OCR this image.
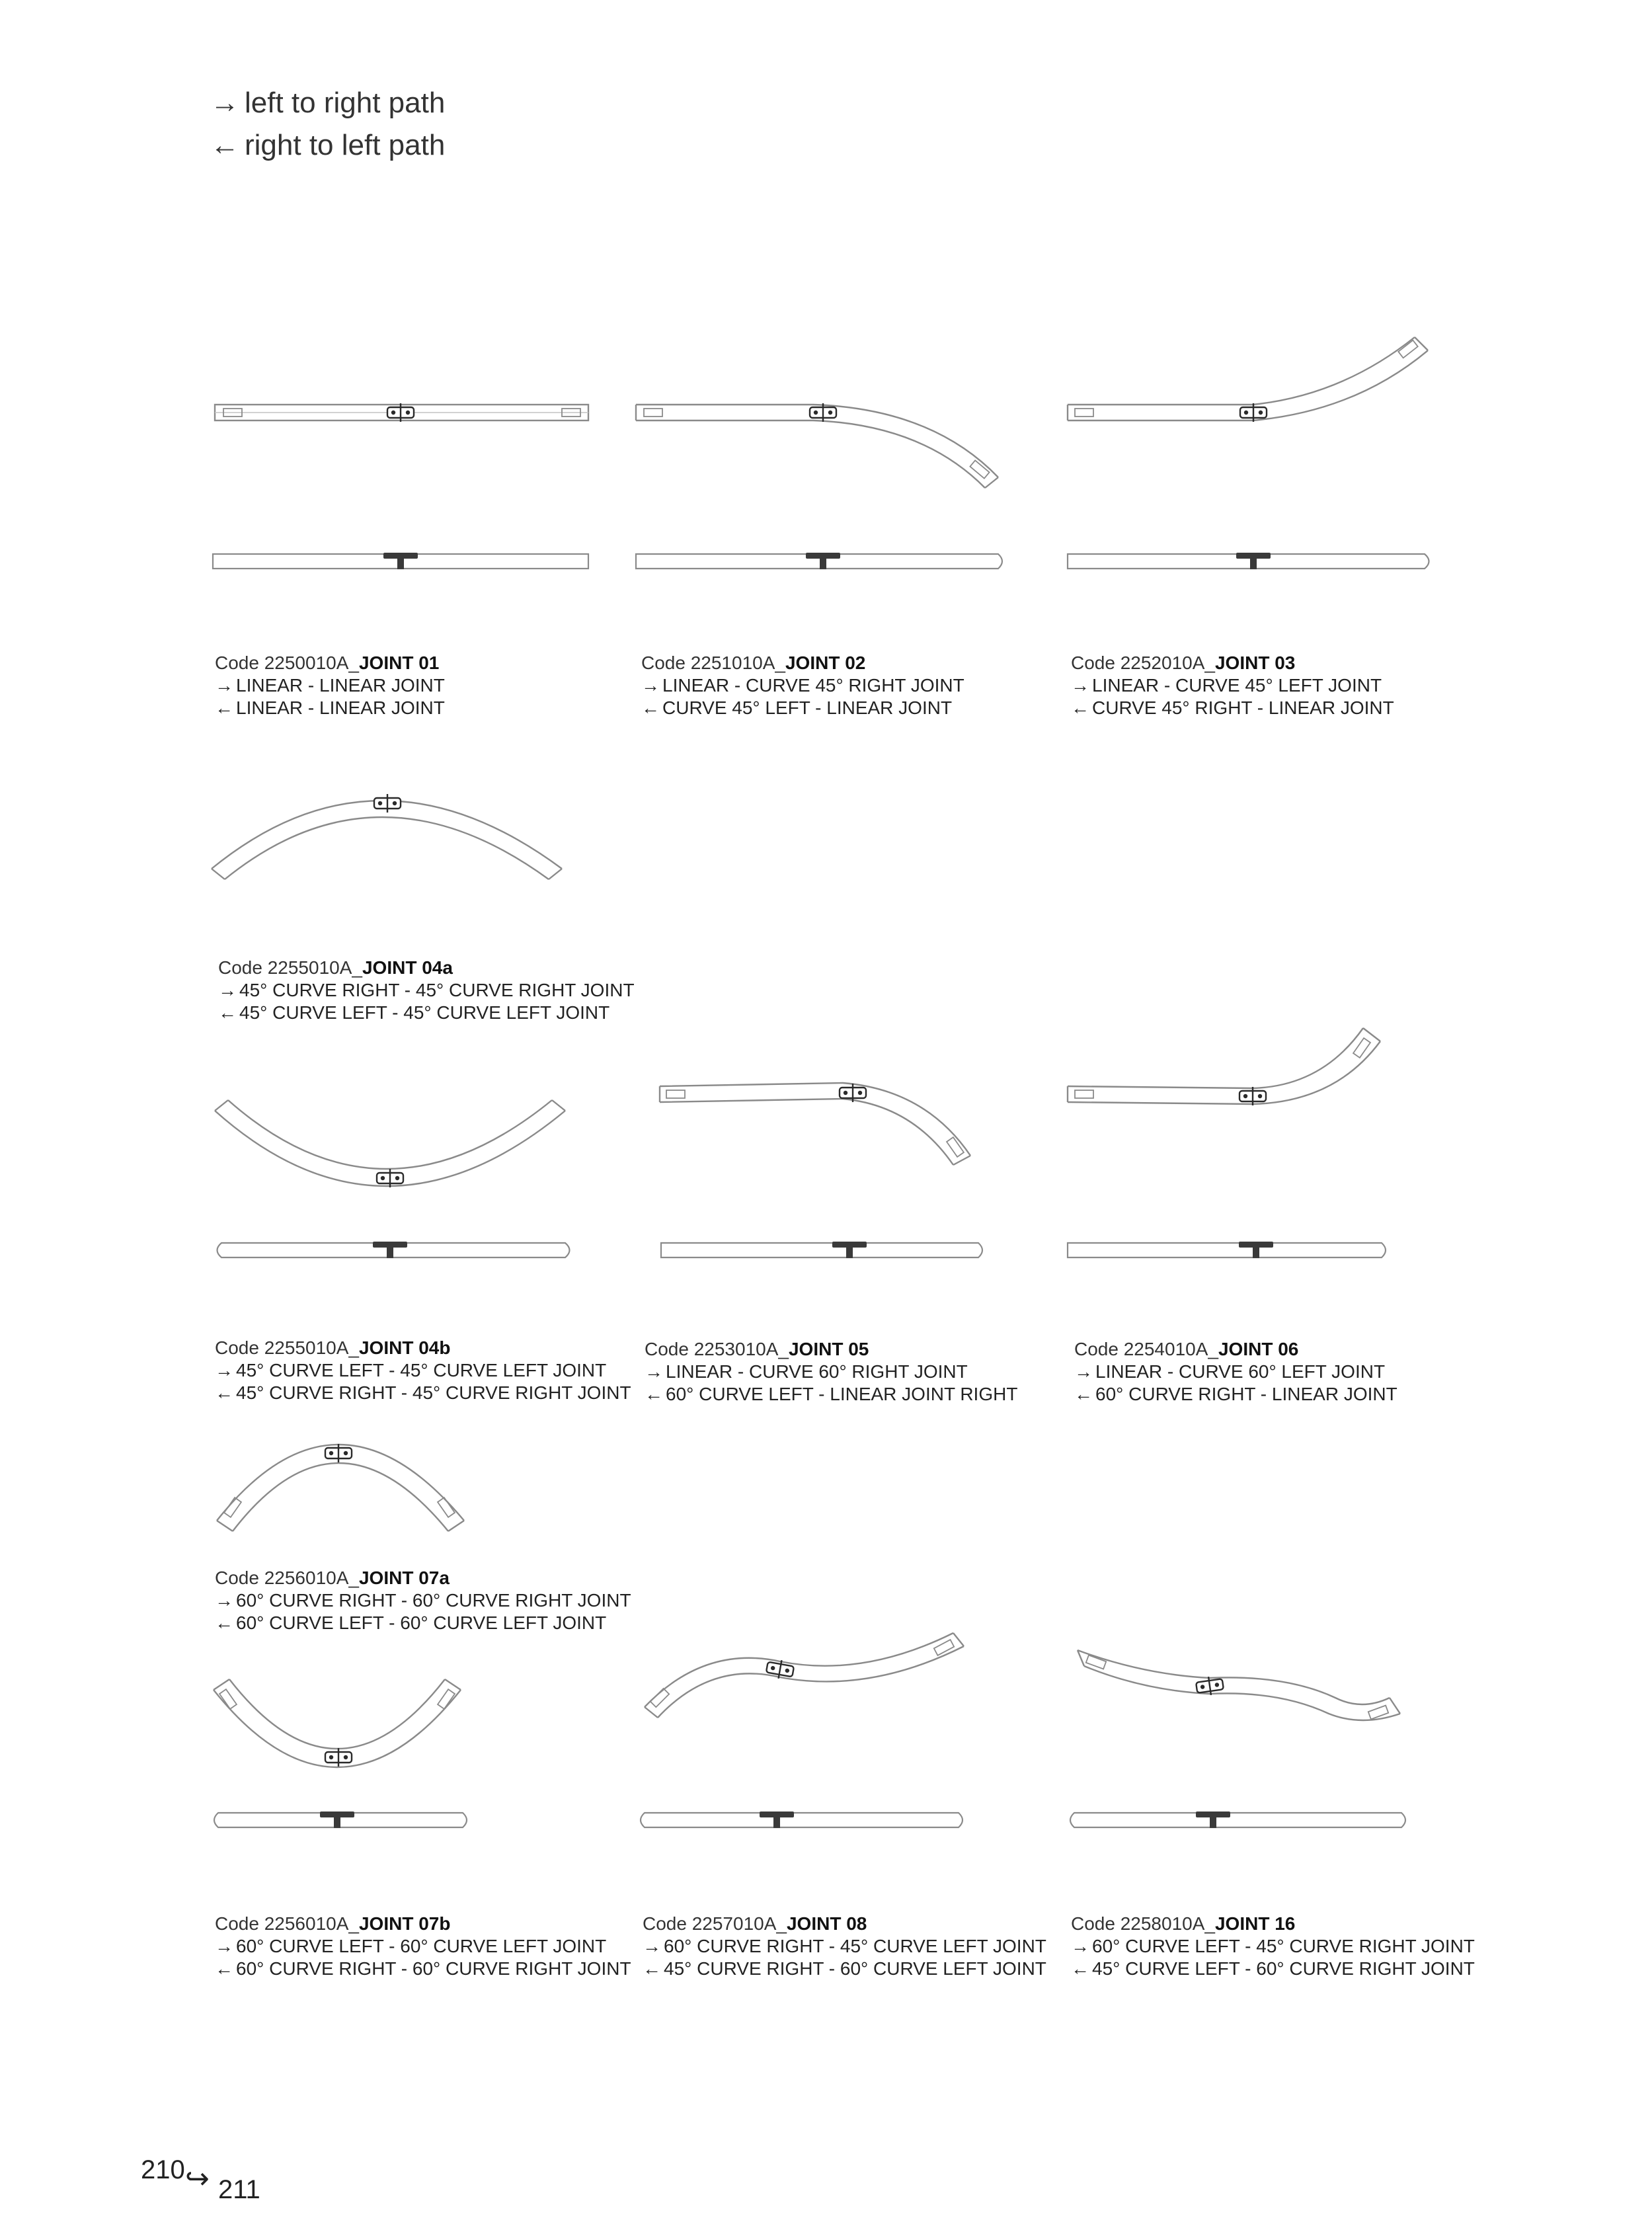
→ left to right path
← right to left path
Code 2250010A_JOINT 01
→ LINEAR - LINEAR JOINT
← LINEAR - LINEAR JOINT
Code 2251010A_JOINT 02
→ LINEAR - CURVE 45° RIGHT JOINT
← CURVE 45° LEFT - LINEAR JOINT
Code 2252010A_JOINT 03
→ LINEAR - CURVE 45° LEFT JOINT
← CURVE 45° RIGHT - LINEAR JOINT
Code 2255010A_JOINT 04a
→ 45° CURVE RIGHT - 45° CURVE RIGHT JOINT
← 45° CURVE LEFT - 45° CURVE LEFT JOINT
Code 2255010A_JOINT 04b
→ 45° CURVE LEFT - 45° CURVE LEFT JOINT
← 45° CURVE RIGHT - 45° CURVE RIGHT JOINT
Code 2253010A_JOINT 05
→ LINEAR - CURVE 60° RIGHT JOINT
← 60° CURVE LEFT - LINEAR JOINT RIGHT
Code 2254010A_JOINT 06
→ LINEAR - CURVE 60° LEFT JOINT
← 60° CURVE RIGHT - LINEAR JOINT
Code 2256010A_JOINT 07a
→ 60° CURVE RIGHT - 60° CURVE RIGHT JOINT
← 60° CURVE LEFT - 60° CURVE LEFT JOINT
Code 2256010A_JOINT 07b
→ 60° CURVE LEFT - 60° CURVE LEFT JOINT
← 60° CURVE RIGHT - 60° CURVE RIGHT JOINT
Code 2257010A_JOINT 08
→ 60° CURVE RIGHT - 45° CURVE LEFT JOINT
← 45° CURVE RIGHT - 60° CURVE LEFT JOINT
Code 2258010A_JOINT 16
→ 60° CURVE LEFT - 45° CURVE RIGHT JOINT
← 45° CURVE LEFT - 60° CURVE RIGHT JOINT
210 ↪ 211
